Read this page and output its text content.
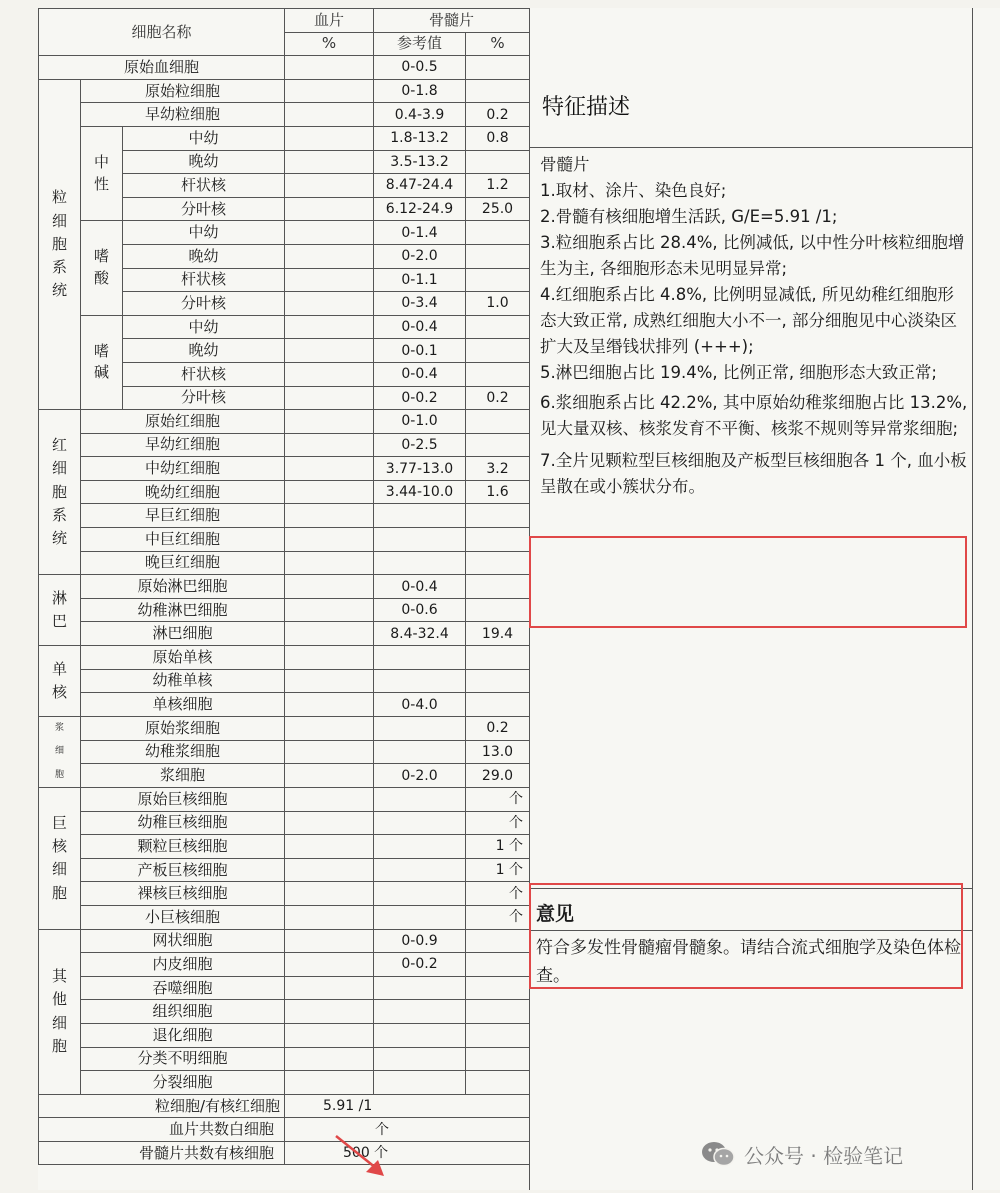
细胞名称			血片	骨髓片	
			%	参考值	%
原始血细胞				0-0.5	
粒
细
胞
系
统	原始粒细胞			0-1.8	
	早幼粒细胞			0.4-3.9	0.2
	中
性	中幼		1.8-13.2	0.8
		晚幼		3.5-13.2	
		杆状核		8.47-24.4	1.2
		分叶核		6.12-24.9	25.0
	嗜
酸	中幼		0-1.4	
		晚幼		0-2.0	
		杆状核		0-1.1	
		分叶核		0-3.4	1.0
	嗜
碱	中幼		0-0.4	
		晚幼		0-0.1	
		杆状核		0-0.4	
		分叶核		0-0.2	0.2
红
细
胞
系
统	原始红细胞			0-1.0	
	早幼红细胞			0-2.5	
	中幼红细胞			3.77-13.0	3.2
	晚幼红细胞			3.44-10.0	1.6
	早巨红细胞				
	中巨红细胞				
	晚巨红细胞				
淋
巴	原始淋巴细胞			0-0.4	
	幼稚淋巴细胞			0-0.6	
	淋巴细胞			8.4-32.4	19.4
单
核	原始单核				
	幼稚单核				
	单核细胞			0-4.0	
浆
细
胞	原始浆细胞				0.2
	幼稚浆细胞				13.0
	浆细胞			0-2.0	29.0
巨
核
细
胞	原始巨核细胞				个
	幼稚巨核细胞				个
	颗粒巨核细胞				1 个
	产板巨核细胞				1 个
	裸核巨核细胞				个
	小巨核细胞				个
其
他
细
胞	网状细胞			0-0.9	
	内皮细胞			0-0.2	
	吞噬细胞				
	组织细胞				
	退化细胞				
	分类不明细胞				
	分裂细胞				
粒细胞/有核红细胞			5.91 /1		
血片共数白细胞			个		
骨髓片共数有核细胞			500 个		
特征描述

骨髓片

1.取材、涂片、染色良好;

2.骨髓有核细胞增生活跃, G/E=5.91 /1;

3.粒细胞系占比 28.4%, 比例减低, 以中性分叶核粒细胞增生为主, 各细胞形态未见明显异常;

4.红细胞系占比 4.8%, 比例明显减低, 所见幼稚红细胞形态大致正常, 成熟红细胞大小不一, 部分细胞见中心淡染区扩大及呈缗钱状排列 (+++);

5.淋巴细胞占比 19.4%, 比例正常, 细胞形态大致正常;

6.浆细胞系占比 42.2%, 其中原始幼稚浆细胞占比 13.2%, 见大量双核、核浆发育不平衡、核浆不规则等异常浆细胞;

7.全片见颗粒型巨核细胞及产板型巨核细胞各 1 个, 血小板呈散在或小簇状分布。

意见
符合多发性骨髓瘤骨髓象。请结合流式细胞学及染色体检查。
公众号 · 检验笔记
